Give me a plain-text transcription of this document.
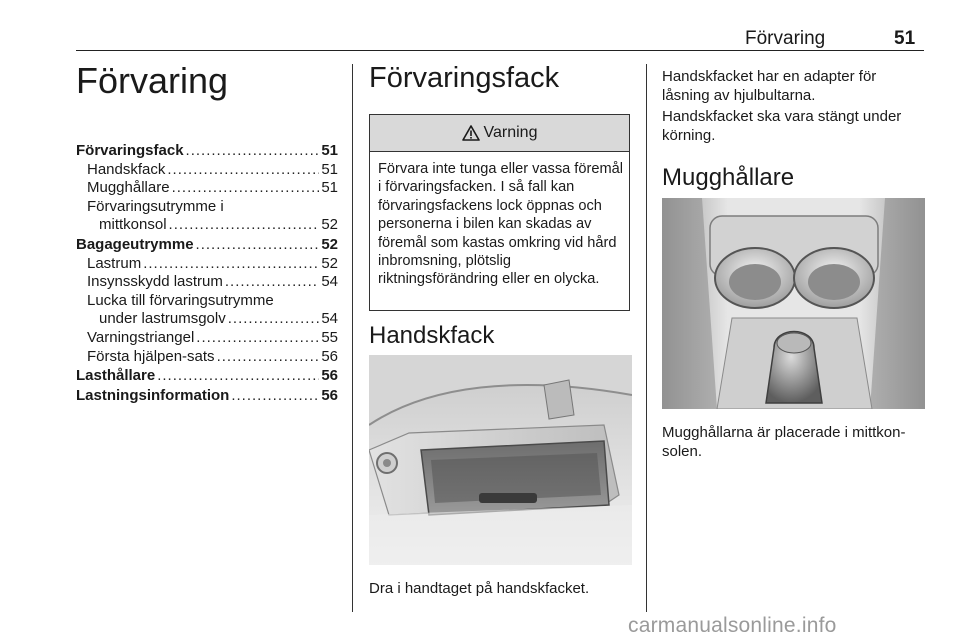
Förvaring	51
Förvaring
Förvaringsfack .....	51
Handskfack .....	51
Mugghållare .....	51
Förvaringsutrymme i
mittkonsol .....	52
Bagageutrymme .....	52
Lastrum .....	52
Insynsskydd lastrum .....	54
Lucka till förvaringsutrymme
under lastrumsgolv .....	54
Varningstriangel .....	55
Första hjälpen-sats .....	56
Lasthållare .....	56
Lastningsinformation .....	56
Förvaringsfack
Varning
Förvara inte tunga eller vassa föremål i förvaringsfacken. I så fall kan förvaringsfackens lock öppnas och personerna i bilen kan skadas av föremål som kastas omkring vid hård inbromsning, plötslig riktningsförändring eller en olycka.
Handskfack
Dra i handtaget på handskfacket.
Handskfacket har en adapter för låsning av hjulbultarna.
Handskfacket ska vara stängt under körning.
Mugghållare
Mugghållarna är placerade i mittkon-solen.
carmanualsonline.info
